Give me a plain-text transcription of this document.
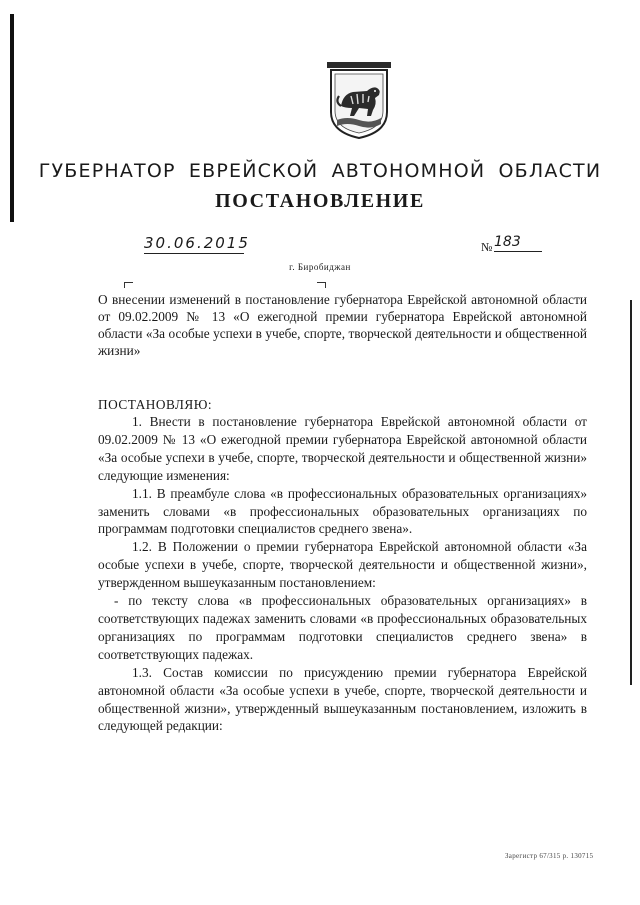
ГУБЕРНАТОР ЕВРЕЙСКОЙ АВТОНОМНОЙ ОБЛАСТИ
ПОСТАНОВЛЕНИЕ
30.06.2015	№ 183
г. Биробиджан
О внесении изменений в постановление губернатора Еврейской автономной области от 09.02.2009 № 13 «О ежегодной премии губернатора Еврейской автономной области «За особые успехи в учебе, спорте, творческой деятельности и общественной жизни»
ПОСТАНОВЛЯЮ:

1. Внести в постановление губернатора Еврейской автономной области от 09.02.2009 № 13 «О ежегодной премии губернатора Еврейской автономной области «За особые успехи в учебе, спорте, творческой деятельности и общественной жизни» следующие изменения:

1.1. В преамбуле слова «в профессиональных образовательных организациях» заменить словами «в профессиональных образовательных организациях по программам подготовки специалистов среднего звена».

1.2. В Положении о премии губернатора Еврейской автономной области «За особые успехи в учебе, спорте, творческой деятельности и общественной жизни», утвержденном вышеуказанным постановлением:

- по тексту слова «в профессиональных образовательных организациях» в соответствующих падежах заменить словами «в профессиональных образовательных организациях по программам подготовки специалистов среднего звена» в соответствующих падежах.

1.3. Состав комиссии по присуждению премии губернатора Еврейской автономной области «За особые успехи в учебе, спорте, творческой деятельности и общественной жизни», утвержденный вышеуказанным постановлением, изложить в следующей редакции:

Зарегистр 67/315 р. 130715
